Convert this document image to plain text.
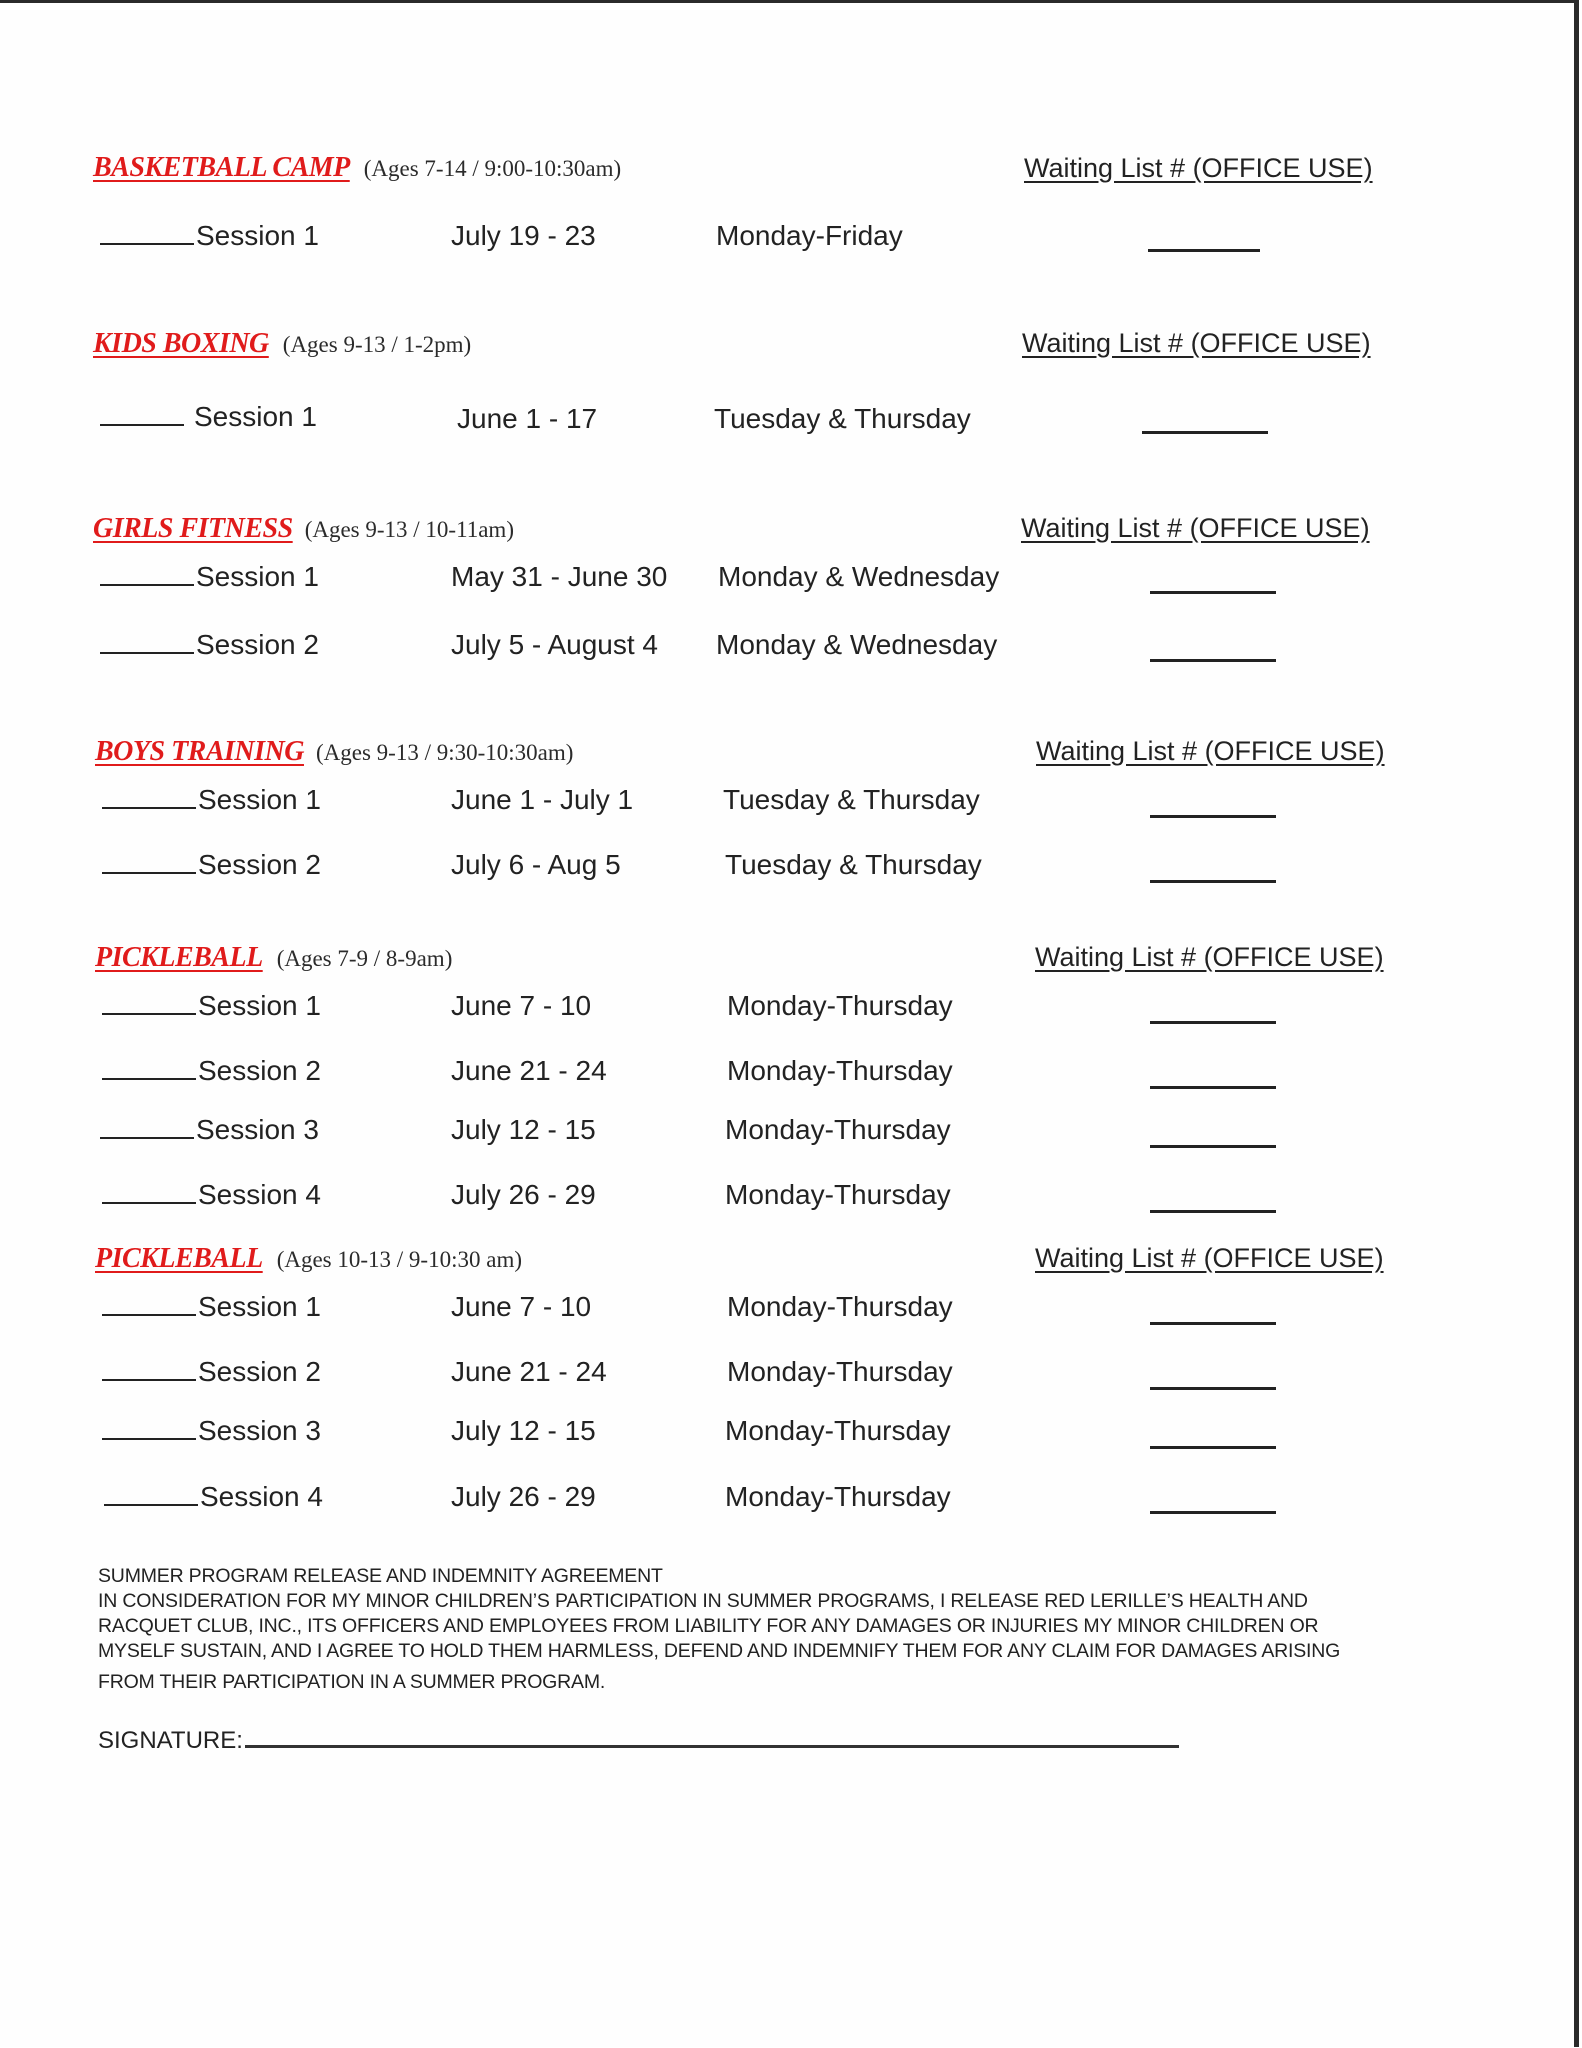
BASKETBALL CAMP (Ages 7-14 / 9:00-10:30am)	Waiting List # (OFFICE USE)
Session 1	July 19 - 23	Monday-Friday
KIDS BOXING (Ages 9-13 / 1-2pm)	Waiting List # (OFFICE USE)
Session 1	June 1 - 17	Tuesday & Thursday
GIRLS FITNESS (Ages 9-13 / 10-11am)	Waiting List # (OFFICE USE)
Session 1	May 31 - June 30 Monday & Wednesday
Session 2	July 5 - August 4 Monday & Wednesday
BOYS TRAINING (Ages 9-13 / 9:30-10:30am)	Waiting List # (OFFICE USE)
Session 1	June 1 - July 1	Tuesday & Thursday
Session 2	July 6 - Aug 5	Tuesday & Thursday
PICKLEBALL (Ages 7-9 / 8-9am)	Waiting List # (OFFICE USE)
Session 1	June 7 - 10	Monday-Thursday
Session 2	June 21 - 24	Monday-Thursday
Session 3	July 12 - 15	Monday-Thursday
Session 4	July 26 - 29	Monday-Thursday
PICKLEBALL (Ages 10-13 / 9-10:30 am)	Waiting List # (OFFICE USE)
Session 1	June 7 - 10	Monday-Thursday
Session 2	June 21 - 24	Monday-Thursday
Session 3	July 12 - 15	Monday-Thursday
Session 4	July 26 - 29	Monday-Thursday
SUMMER PROGRAM RELEASE AND INDEMNITY AGREEMENT
IN CONSIDERATION FOR MY MINOR CHILDREN’S PARTICIPATION IN SUMMER PROGRAMS, I RELEASE RED LERILLE’S HEALTH AND
RACQUET CLUB, INC., ITS OFFICERS AND EMPLOYEES FROM LIABILITY FOR ANY DAMAGES OR INJURIES MY MINOR CHILDREN OR
MYSELF SUSTAIN, AND I AGREE TO HOLD THEM HARMLESS, DEFEND AND INDEMNIFY THEM FOR ANY CLAIM FOR DAMAGES ARISING
FROM THEIR PARTICIPATION IN A SUMMER PROGRAM.
SIGNATURE:
